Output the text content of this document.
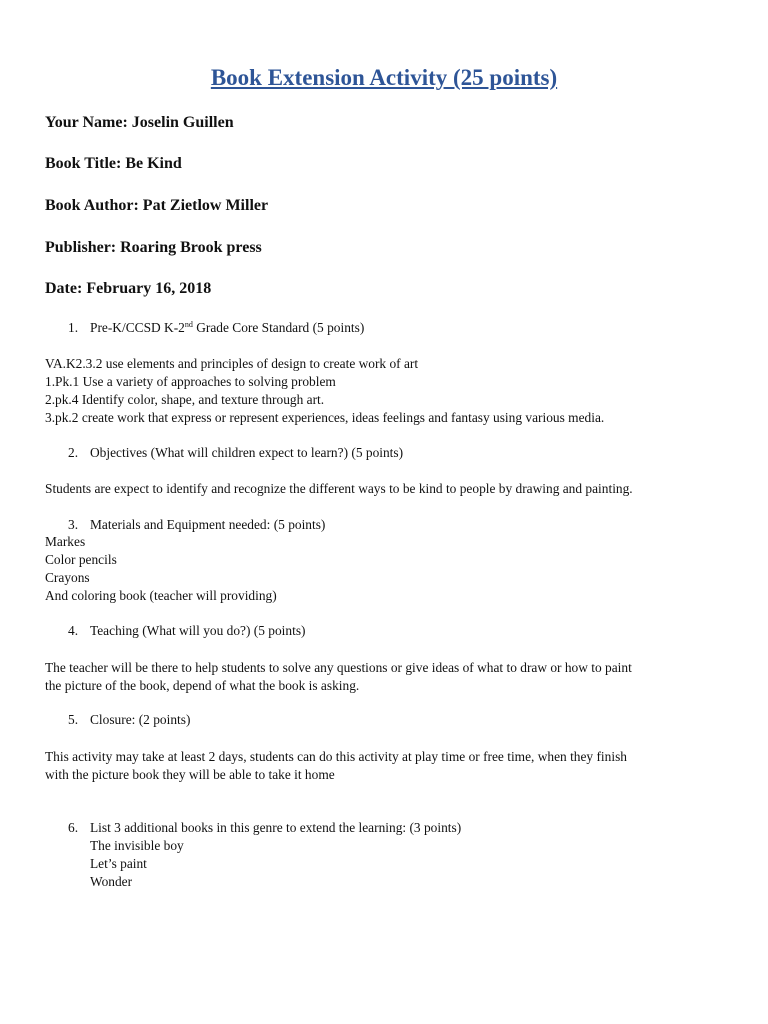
Book Extension Activity (25 points)
Your Name: Joselin Guillen
Book Title: Be Kind
Book Author: Pat Zietlow Miller
Publisher: Roaring Brook press
Date: February 16, 2018
1. Pre-K/CCSD K-2nd Grade Core Standard (5 points)
VA.K2.3.2 use elements and principles of design to create work of art
1.Pk.1 Use a variety of approaches to solving problem
2.pk.4 Identify color, shape, and texture through art.
3.pk.2 create work that express or represent experiences, ideas feelings and fantasy using various media.
2. Objectives (What will children expect to learn?) (5 points)
Students are expect to identify and recognize the different ways to be kind to people by drawing and painting.
3. Materials and Equipment needed: (5 points)
Markes
Color pencils
Crayons
And coloring book (teacher will providing)
4. Teaching (What will you do?) (5 points)
The teacher will be there to help students to solve any questions or give ideas of what to draw or how to paint
the picture of the book, depend of what the book is asking.
5. Closure: (2 points)
This activity may take at least 2 days, students can do this activity at play time or free time, when they finish
with the picture book they will be able to take it home
6. List 3 additional books in this genre to extend the learning: (3 points)
The invisible boy
Let’s paint
Wonder
